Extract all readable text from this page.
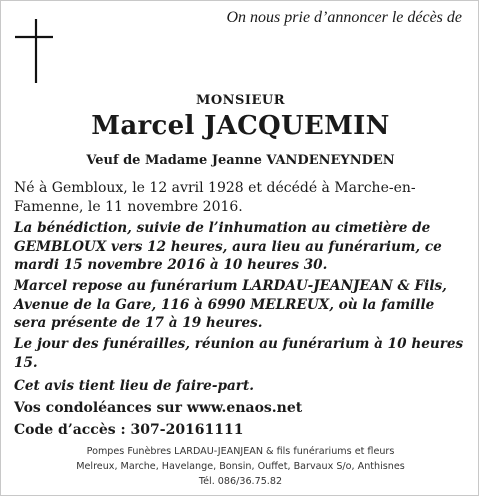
On nous prie d’annoncer le décès de
MONSIEUR
Marcel JACQUEMIN
Veuf de Madame Jeanne VANDENEYNDEN
Né à Gembloux, le 12 avril 1928 et décédé à Marche-en-Famenne, le 11 novembre 2016.
La bénédiction, suivie de l’inhumation au cimetière de GEMBLOUX vers 12 heures, aura lieu au funérarium, ce mardi 15 novembre 2016 à 10 heures 30.
Marcel repose au funérarium LARDAU-JEANJEAN & Fils, Avenue de la Gare, 116 à 6990 MELREUX, où la famille sera présente de 17 à 19 heures.
Le jour des funérailles, réunion au funérarium à 10 heures 15.
Cet avis tient lieu de faire-part.
Vos condoléances sur www.enaos.net
Code d’accès : 307-20161111
Pompes Funèbres LARDAU-JEANJEAN & fils funérariums et fleurs
Melreux, Marche, Havelange, Bonsin, Ouffet, Barvaux S/o, Anthisnes
Tél. 086/36.75.82
